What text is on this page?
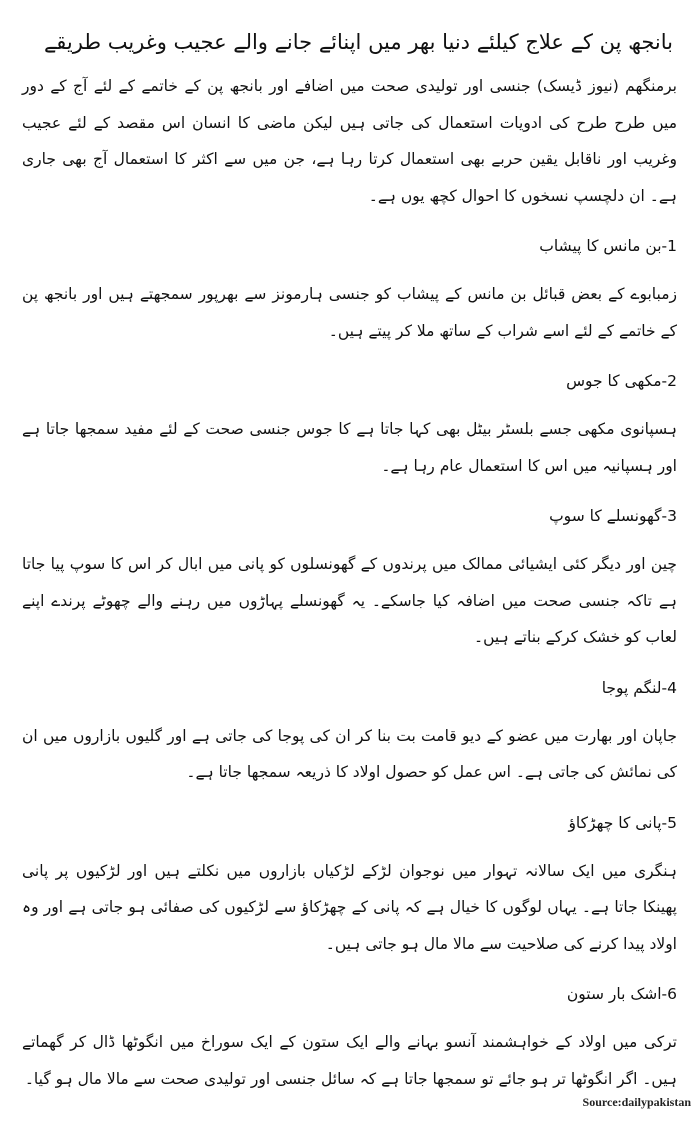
بانجھ پن کے علاج کیلئے دنیا بھر میں اپنائے جانے والے عجیب وغریب طریقے

برمنگھم (نیوز ڈیسک) جنسی اور تولیدی صحت میں اضافے اور بانجھ پن کے خاتمے کے لئے آج کے دور میں طرح طرح کی ادویات استعمال کی جاتی ہیں لیکن ماضی کا انسان اس مقصد کے لئے عجیب وغریب اور ناقابل یقین حربے بھی استعمال کرتا رہا ہے، جن میں سے اکثر کا استعمال آج بھی جاری ہے۔ ان دلچسپ نسخوں کا احوال کچھ یوں ہے۔

1-بن مانس کا پیشاب

زمبابوے کے بعض قبائل بن مانس کے پیشاب کو جنسی ہارمونز سے بھرپور سمجھتے ہیں اور بانجھ پن کے خاتمے کے لئے اسے شراب کے ساتھ ملا کر پیتے ہیں۔

2-مکھی کا جوس

ہسپانوی مکھی جسے بلسٹر بیٹل بھی کہا جاتا ہے کا جوس جنسی صحت کے لئے مفید سمجھا جاتا ہے اور ہسپانیہ میں اس کا استعمال عام رہا ہے۔

3-گھونسلے کا سوپ

چین اور دیگر کئی ایشیائی ممالک میں پرندوں کے گھونسلوں کو پانی میں ابال کر اس کا سوپ پیا جاتا ہے تاکہ جنسی صحت میں اضافہ کیا جاسکے۔ یہ گھونسلے پہاڑوں میں رہنے والے چھوٹے پرندے اپنے لعاب کو خشک کرکے بناتے ہیں۔

4-لنگم پوجا

جاپان اور بھارت میں عضو کے دیو قامت بت بنا کر ان کی پوجا کی جاتی ہے اور گلیوں بازاروں میں ان کی نمائش کی جاتی ہے۔ اس عمل کو حصول اولاد کا ذریعہ سمجھا جاتا ہے۔

5-پانی کا چھڑکاؤ

ہنگری میں ایک سالانہ تہوار میں نوجوان لڑکے لڑکیاں بازاروں میں نکلتے ہیں اور لڑکیوں پر پانی پھینکا جاتا ہے۔ یہاں لوگوں کا خیال ہے کہ پانی کے چھڑکاؤ سے لڑکیوں کی صفائی ہو جاتی ہے اور وہ اولاد پیدا کرنے کی صلاحیت سے مالا مال ہو جاتی ہیں۔

6-اشک بار ستون

ترکی میں اولاد کے خواہشمند آنسو بہانے والے ایک ستون کے ایک سوراخ میں انگوٹھا ڈال کر گھماتے ہیں۔ اگر انگوٹھا تر ہو جائے تو سمجھا جاتا ہے کہ سائل جنسی اور تولیدی صحت سے مالا مال ہو گیا۔

Source:dailypakistan
